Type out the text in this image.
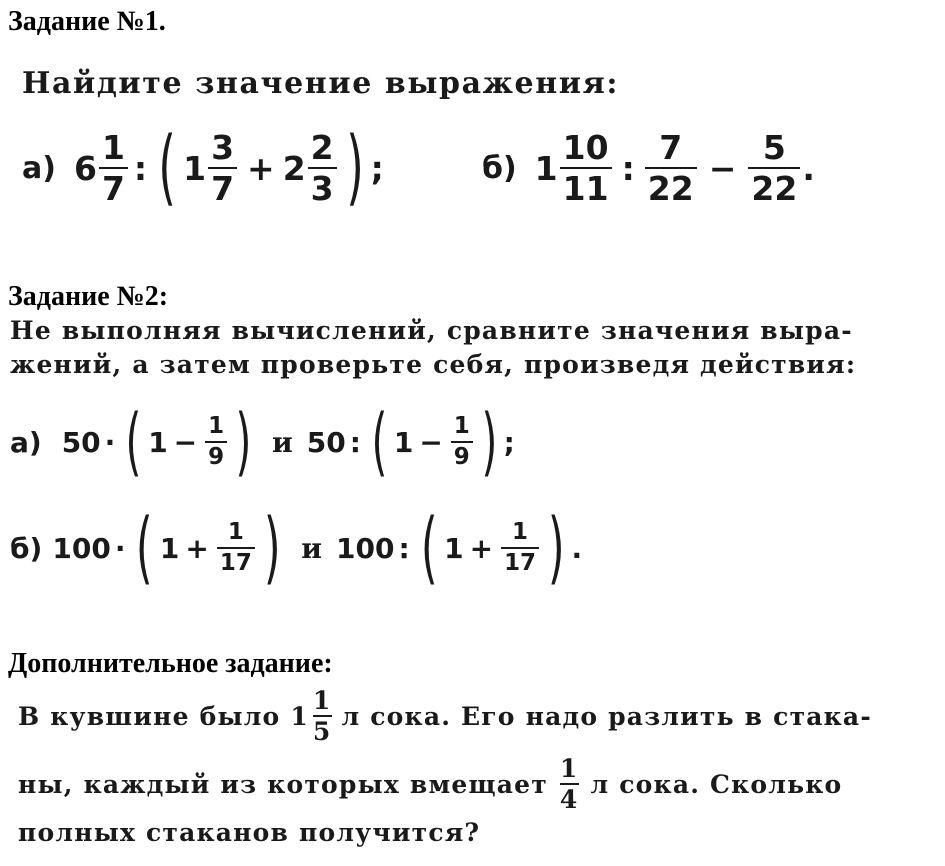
Задание №1.
Найдите значение выражения:
а) $6 \frac{1}{7}$ : ( $1 \frac{3}{7} + 2 \frac{2}{3}$ ) ;	б) $1 \frac{10}{11}$ : $\frac{7}{22} - \frac{5}{22}$ .
Задание №2:
Не выполняя вычислений, сравните значения выра-
жений, а затем проверьте себя, произведя действия:
а) 50 · ( $1 - \frac{1}{9}$ ) и 50 : ( $1 - \frac{1}{9}$ ) ;
б) 100 · ( $1 + \frac{1}{17}$ ) и 100 : ( $1 + \frac{1}{17}$ ) .
Дополнительное задание:
В кувшине было $1 \frac{1}{5}$ л сока. Его надо разлить в стака-
ны, каждый из которых вмещает $\frac{1}{4}$ л сока. Сколько
полных стаканов получится?
